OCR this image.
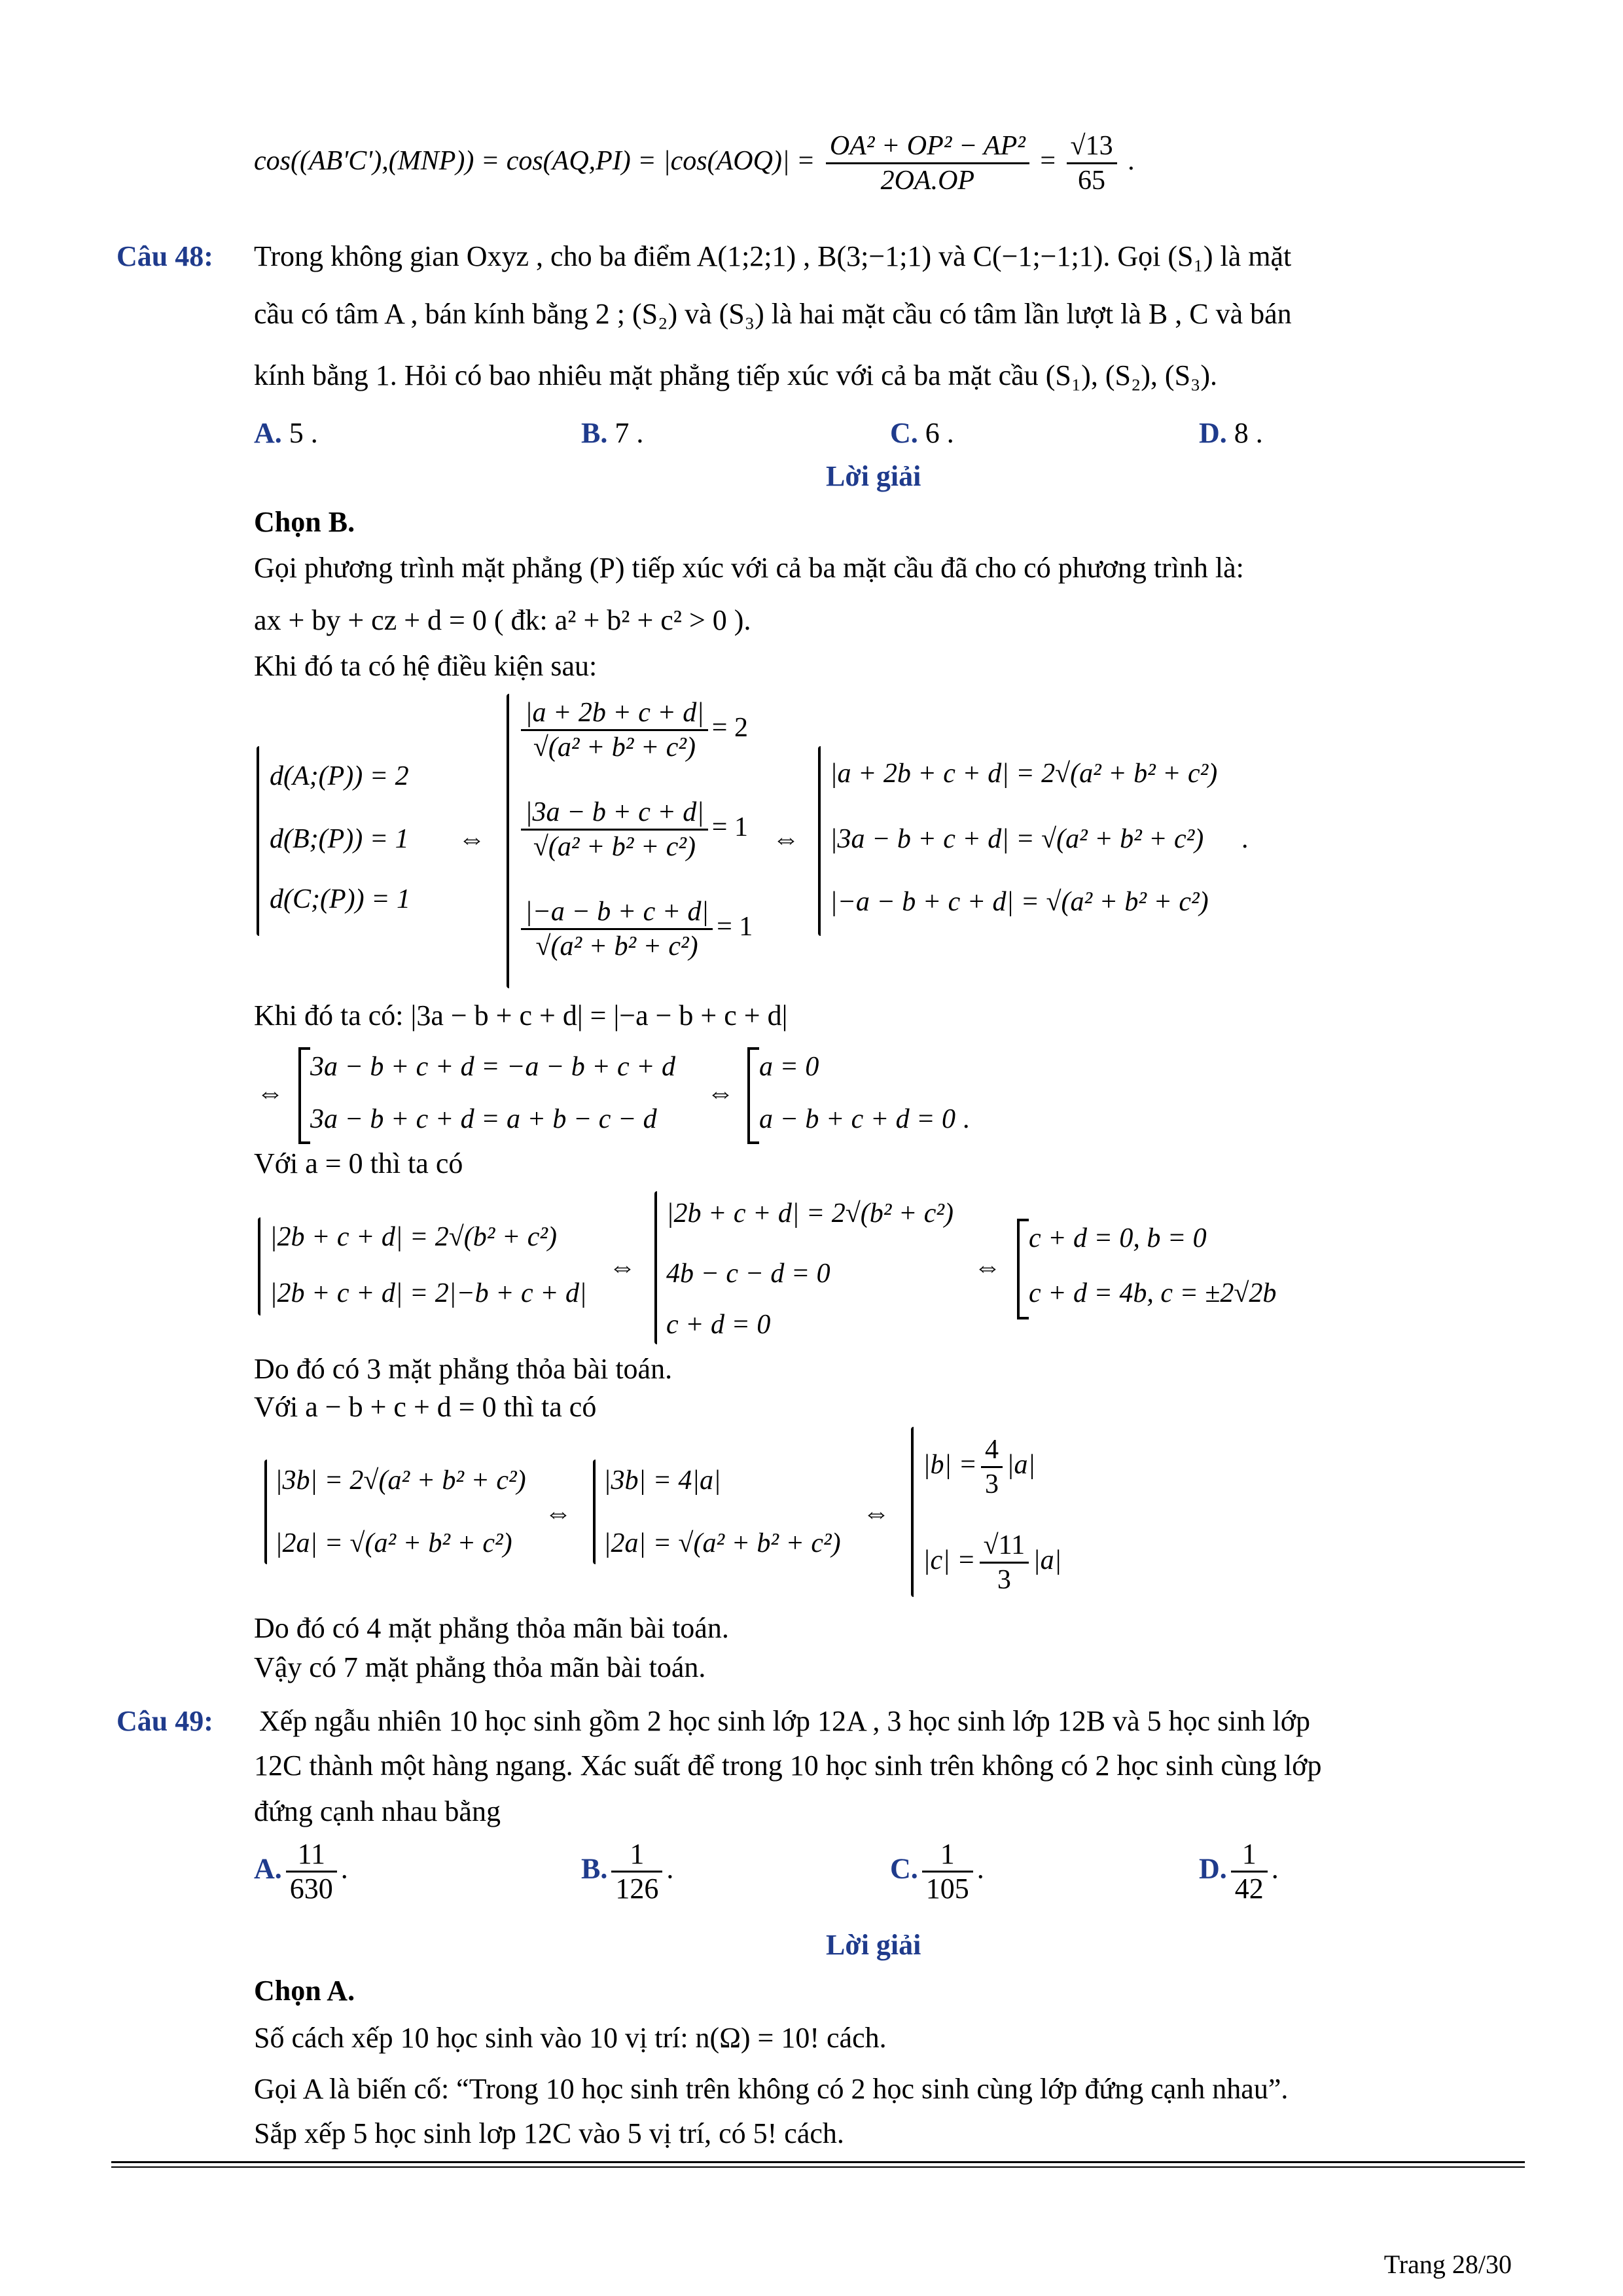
$\cos((AB'C'),(MNP)) = \cos(AQ,PI) = |\cos(AOQ)| = \frac{\text{OA² + OP² − AP²}}{2OA.OP} = \frac{√13}{65}$ .
Câu 48: Trong không gian Oxyz , cho ba điểm A(1;2;1) , B(3;−1;1) và C(−1;−1;1). Gọi (S₁) là mặt
cầu có tâm A , bán kính bằng 2 ; (S₂) và (S₃) là hai mặt cầu có tâm lần lượt là B , C và bán
kính bằng 1. Hỏi có bao nhiêu mặt phẳng tiếp xúc với cả ba mặt cầu (S₁), (S₂), (S₃).
A. 5 .	B. 7 .	C. 6 .	D. 8 .
Lời giải
Chọn B.
Gọi phương trình mặt phẳng (P) tiếp xúc với cả ba mặt cầu đã cho có phương trình là:
ax + by + cz + d = 0 ( đk: a² + b² + c² > 0 ).
Khi đó ta có hệ điều kiện sau:
d(A;(P)) = 2
d(B;(P)) = 1
d(C;(P)) = 1
⇔
$\frac{|a + 2b + c + d|}{\text{√(a² + b² + c²)}} = 2$
$\frac{|3a - b + c + d|}{\text{√(a² + b² + c²)}} = 1$
$\frac{|-a - b + c + d|}{\text{√(a² + b² + c²)}} = 1$
⇔
|a + 2b + c + d| = 2√(a² + b² + c²)
|3a − b + c + d| = √(a² + b² + c²)
|−a − b + c + d| = √(a² + b² + c²)
.
Khi đó ta có: |3a − b + c + d| = |−a − b + c + d|
⇔
3a − b + c + d = −a − b + c + d
3a − b + c + d = a + b − c − d
⇔
a = 0
a − b + c + d = 0 .
Với a = 0 thì ta có
|2b + c + d| = 2√(b² + c²)
|2b + c + d| = 2|−b + c + d|
⇔
|2b + c + d| = 2√(b² + c²)
4b − c − d = 0
c + d = 0
⇔
c + d = 0, b = 0
c + d = 4b, c = ±2√2b
Do đó có 3 mặt phẳng thỏa bài toán.
Với a − b + c + d = 0 thì ta có
|3b| = 2√(a² + b² + c²)
|2a| = √(a² + b² + c²)
⇔
|3b| = 4|a|
|2a| = √(a² + b² + c²)
⇔
$|b| = \frac{4}{3} |a|$
$|c| = \frac{√11}{3} |a|$
Do đó có 4 mặt phẳng thỏa mãn bài toán.
Vậy có 7 mặt phẳng thỏa mãn bài toán.
Câu 49: Xếp ngẫu nhiên 10 học sinh gồm 2 học sinh lớp 12A , 3 học sinh lớp 12B và 5 học sinh lớp
12C thành một hàng ngang. Xác suất để trong 10 học sinh trên không có 2 học sinh cùng lớp
đứng cạnh nhau bằng
A. $\frac{11}{630}$ .	B. $\frac{1}{126}$ .	C. $\frac{1}{105}$ .	D. $\frac{1}{42}$ .
Lời giải
Chọn A.
Số cách xếp 10 học sinh vào 10 vị trí: n(Ω) = 10! cách.
Gọi A là biến cố: “Trong 10 học sinh trên không có 2 học sinh cùng lớp đứng cạnh nhau”.
Sắp xếp 5 học sinh lơp 12C vào 5 vị trí, có 5! cách.
Trang 28/30
